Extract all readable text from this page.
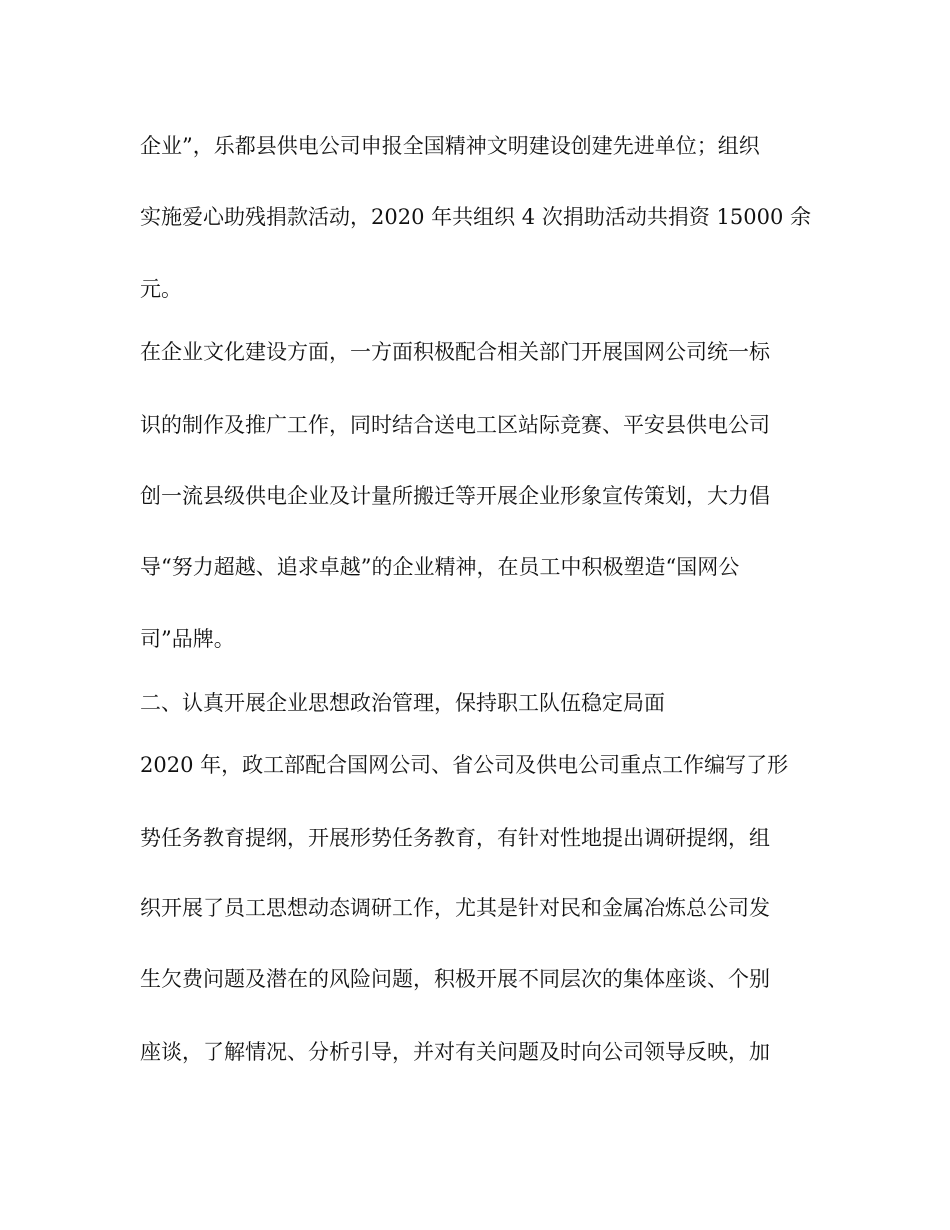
企业”，乐都县供电公司申报全国精神文明建设创建先进单位；组织

实施爱心助残捐款活动，2020 年共组织 4 次捐助活动共捐资 15000 余

元。

在企业文化建设方面，一方面积极配合相关部门开展国网公司统一标

识的制作及推广工作，同时结合送电工区站际竞赛、平安县供电公司

创一流县级供电企业及计量所搬迁等开展企业形象宣传策划，大力倡

导“努力超越、追求卓越”的企业精神，在员工中积极塑造“国网公

司”品牌。

二、认真开展企业思想政治管理，保持职工队伍稳定局面

2020 年，政工部配合国网公司、省公司及供电公司重点工作编写了形

势任务教育提纲，开展形势任务教育，有针对性地提出调研提纲，组

织开展了员工思想动态调研工作，尤其是针对民和金属冶炼总公司发

生欠费问题及潜在的风险问题，积极开展不同层次的集体座谈、个别

座谈，了解情况、分析引导，并对有关问题及时向公司领导反映，加
